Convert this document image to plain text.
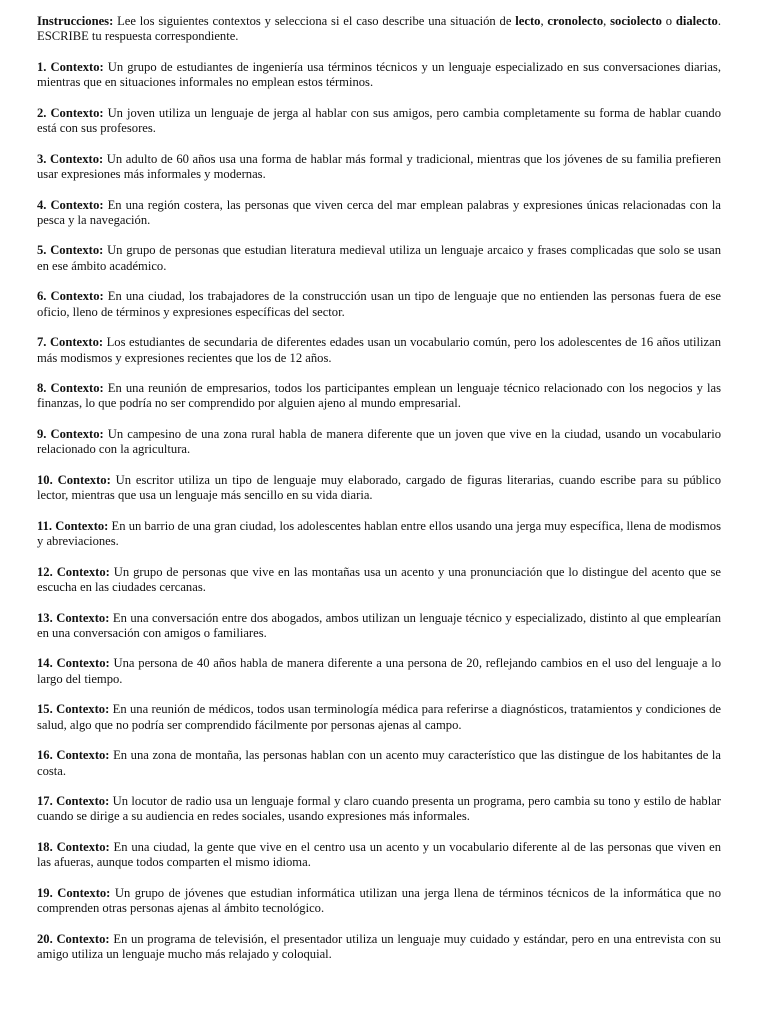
Instrucciones: Lee los siguientes contextos y selecciona si el caso describe una situación de lecto, cronolecto, sociolecto o dialecto. ESCRIBE tu respuesta correspondiente.

1. Contexto: Un grupo de estudiantes de ingeniería usa términos técnicos y un lenguaje especializado en sus conversaciones diarias, mientras que en situaciones informales no emplean estos términos.

2. Contexto: Un joven utiliza un lenguaje de jerga al hablar con sus amigos, pero cambia completamente su forma de hablar cuando está con sus profesores.

3. Contexto: Un adulto de 60 años usa una forma de hablar más formal y tradicional, mientras que los jóvenes de su familia prefieren usar expresiones más informales y modernas.

4. Contexto: En una región costera, las personas que viven cerca del mar emplean palabras y expresiones únicas relacionadas con la pesca y la navegación.

5. Contexto: Un grupo de personas que estudian literatura medieval utiliza un lenguaje arcaico y frases complicadas que solo se usan en ese ámbito académico.

6. Contexto: En una ciudad, los trabajadores de la construcción usan un tipo de lenguaje que no entienden las personas fuera de ese oficio, lleno de términos y expresiones específicas del sector.

7. Contexto: Los estudiantes de secundaria de diferentes edades usan un vocabulario común, pero los adolescentes de 16 años utilizan más modismos y expresiones recientes que los de 12 años.

8. Contexto: En una reunión de empresarios, todos los participantes emplean un lenguaje técnico relacionado con los negocios y las finanzas, lo que podría no ser comprendido por alguien ajeno al mundo empresarial.

9. Contexto: Un campesino de una zona rural habla de manera diferente que un joven que vive en la ciudad, usando un vocabulario relacionado con la agricultura.

10. Contexto: Un escritor utiliza un tipo de lenguaje muy elaborado, cargado de figuras literarias, cuando escribe para su público lector, mientras que usa un lenguaje más sencillo en su vida diaria.

11. Contexto: En un barrio de una gran ciudad, los adolescentes hablan entre ellos usando una jerga muy específica, llena de modismos y abreviaciones.

12. Contexto: Un grupo de personas que vive en las montañas usa un acento y una pronunciación que lo distingue del acento que se escucha en las ciudades cercanas.

13. Contexto: En una conversación entre dos abogados, ambos utilizan un lenguaje técnico y especializado, distinto al que emplearían en una conversación con amigos o familiares.

14. Contexto: Una persona de 40 años habla de manera diferente a una persona de 20, reflejando cambios en el uso del lenguaje a lo largo del tiempo.

15. Contexto: En una reunión de médicos, todos usan terminología médica para referirse a diagnósticos, tratamientos y condiciones de salud, algo que no podría ser comprendido fácilmente por personas ajenas al campo.

16. Contexto: En una zona de montaña, las personas hablan con un acento muy característico que las distingue de los habitantes de la costa.

17. Contexto: Un locutor de radio usa un lenguaje formal y claro cuando presenta un programa, pero cambia su tono y estilo de hablar cuando se dirige a su audiencia en redes sociales, usando expresiones más informales.

18. Contexto: En una ciudad, la gente que vive en el centro usa un acento y un vocabulario diferente al de las personas que viven en las afueras, aunque todos comparten el mismo idioma.

19. Contexto: Un grupo de jóvenes que estudian informática utilizan una jerga llena de términos técnicos de la informática que no comprenden otras personas ajenas al ámbito tecnológico.

20. Contexto: En un programa de televisión, el presentador utiliza un lenguaje muy cuidado y estándar, pero en una entrevista con su amigo utiliza un lenguaje mucho más relajado y coloquial.
